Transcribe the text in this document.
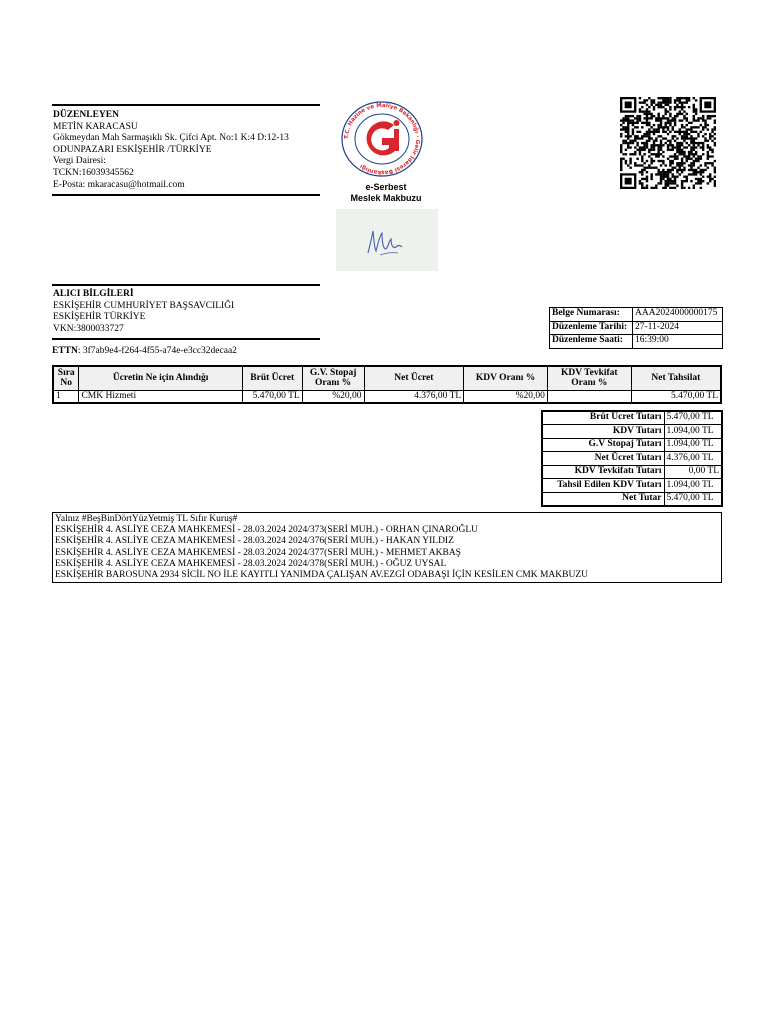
DÜZENLEYEN
METİN KARACASU
Gökmeydan Mah Sarmaşıklı Sk. Çifci Apt. No:1 K:4 D:12-13
ODUNPAZARI ESKİŞEHİR /TÜRKİYE
Vergi Dairesi:
TCKN:16039345562
E-Posta: mkaracasu@hotmail.com
T.C. Hazine ve Maliye Bakanlığı · Gelir İdaresi Başkanlığı
e-Serbest
Meslek Makbuzu
ALICI BİLGİLERİ
ESKİŞEHİR CUMHURİYET BAŞSAVCILIĞI
ESKİŞEHİR TÜRKİYE
VKN:3800033727
ETTN: 3f7ab9e4-f264-4f55-a74e-e3cc32decaa2
Belge Numarası:	AAA2024000000175
Düzenleme Tarihi:	27-11-2024
Düzenleme Saati:	16:39:00
Sıra No	Ücretin Ne için Alındığı	Brüt Ücret	G.V. Stopaj Oranı %	Net Ücret	KDV Oranı %	KDV Tevkifat Oranı %	Net Tahsilat
1	CMK Hizmeti	5.470,00 TL	%20,00	4.376,00 TL	%20,00		5.470,00 TL
Brüt Ücret Tutarı	5.470,00 TL
KDV Tutarı	1.094,00 TL
G.V Stopaj Tutarı	1.094,00 TL
Net Ücret Tutarı	4.376,00 TL
KDV Tevkifatı Tutarı	0,00 TL
Tahsil Edilen KDV Tutarı	1.094,00 TL
Net Tutar	5.470,00 TL
Yalnız #BeşBinDörtYüzYetmiş TL Sıfır Kuruş#
ESKİŞEHİR 4. ASLİYE CEZA MAHKEMESİ - 28.03.2024 2024/373(SERİ MUH.) - ORHAN ÇINAROĞLU
ESKİŞEHİR 4. ASLİYE CEZA MAHKEMESİ - 28.03.2024 2024/376(SERİ MUH.) - HAKAN YILDIZ
ESKİŞEHİR 4. ASLİYE CEZA MAHKEMESİ - 28.03.2024 2024/377(SERİ MUH.) - MEHMET AKBAŞ
ESKİŞEHİR 4. ASLİYE CEZA MAHKEMESİ - 28.03.2024 2024/378(SERİ MUH.) - OĞUZ UYSAL
ESKİŞEHİR BAROSUNA 2934 SİCİL NO İLE KAYITLI YANIMDA ÇALIŞAN AV.EZGİ ODABAŞI İÇİN KESİLEN CMK MAKBUZU
